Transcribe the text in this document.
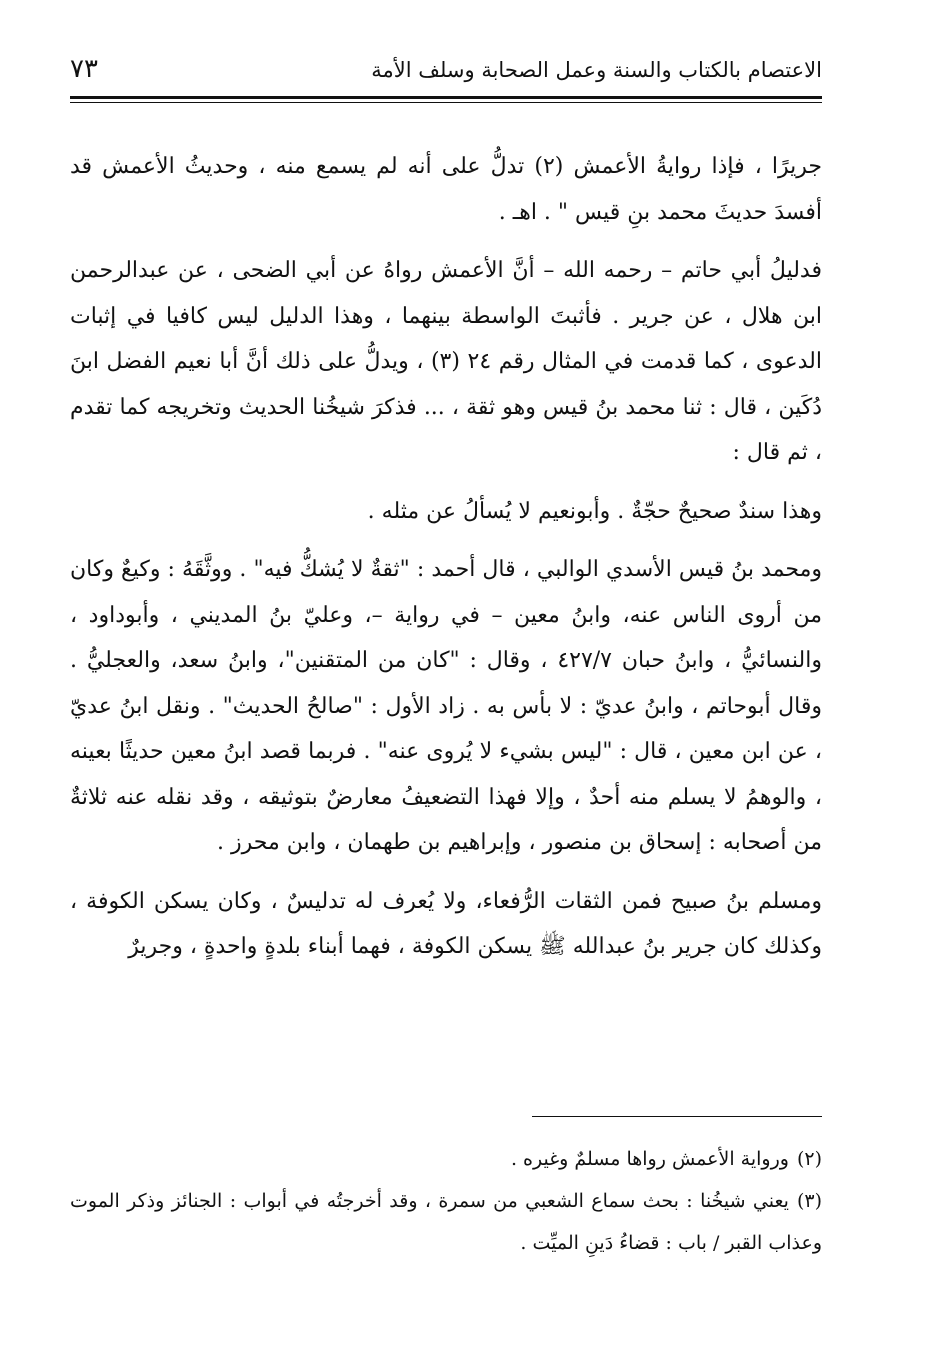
الاعتصام بالكتاب والسنة وعمل الصحابة وسلف الأمة
٧٣

جريرًا ، فإذا روايةُ الأعمش (٢) تدلُّ على أنه لم يسمع منه ، وحديثُ الأعمش قد أفسدَ حديثَ محمد بنِ قيس " . اهـ .

فدليلُ أبي حاتم – رحمه الله – أنَّ الأعمش رواهُ عن أبي الضحى ، عن عبدالرحمن ابن هلال ، عن جرير . فأثبتَ الواسطة بينهما ، وهذا الدليل ليس كافيا في إثبات الدعوى ، كما قدمت في المثال رقم ٢٤ (٣) ، ويدلُّ على ذلك أنَّ أبا نعيم الفضل ابنَ دُكَين ، قال : ثنا محمد بنُ قيس وهو ثقة ، ... فذكرَ شيخُنا الحديث وتخريجه كما تقدم ، ثم قال :

وهذا سندٌ صحيحٌ حجّةٌ . وأبونعيم لا يُسألُ عن مثله .

ومحمد بنُ قيس الأسدي الوالبي ، قال أحمد : "ثقةٌ لا يُشكُّ فيه" . ووثَّقَهُ : وكيعٌ وكان من أروى الناس عنه، وابنُ معين – في رواية –، وعليّ بنُ المديني ، وأبوداود ، والنسائيُّ ، وابنُ حبان ٤٢٧/٧ ، وقال : "كان من المتقنين"، وابنُ سعد، والعجليُّ . وقال أبوحاتم ، وابنُ عديّ : لا بأس به . زاد الأول : "صالحُ الحديث" . ونقل ابنُ عديّ ، عن ابن معين ، قال : "ليس بشيء لا يُروى عنه" . فربما قصد ابنُ معين حديثًا بعينه ، والوهمُ لا يسلم منه أحدٌ ، وإلا فهذا التضعيفُ معارضٌ بتوثيقه ، وقد نقله عنه ثلاثةٌ من أصحابه : إسحاق بن منصور ، وإبراهيم بن طهمان ، وابن محرز .

ومسلم بنُ صبيح فمن الثقات الرُّفعاء، ولا يُعرف له تدليسٌ ، وكان يسكن الكوفة ، وكذلك كان جرير بنُ عبدالله ﷺ يسكن الكوفة ، فهما أبناء بلدةٍ واحدةٍ ، وجريرٌ

(٢)ورواية الأعمش رواها مسلمٌ وغيره .

(٣)يعني شيخُنا : بحث سماع الشعبي من سمرة ، وقد أخرجتُه في أبواب : الجنائز وذكر الموت وعذاب القبر / باب : قضاءُ دَينِ الميِّت .
